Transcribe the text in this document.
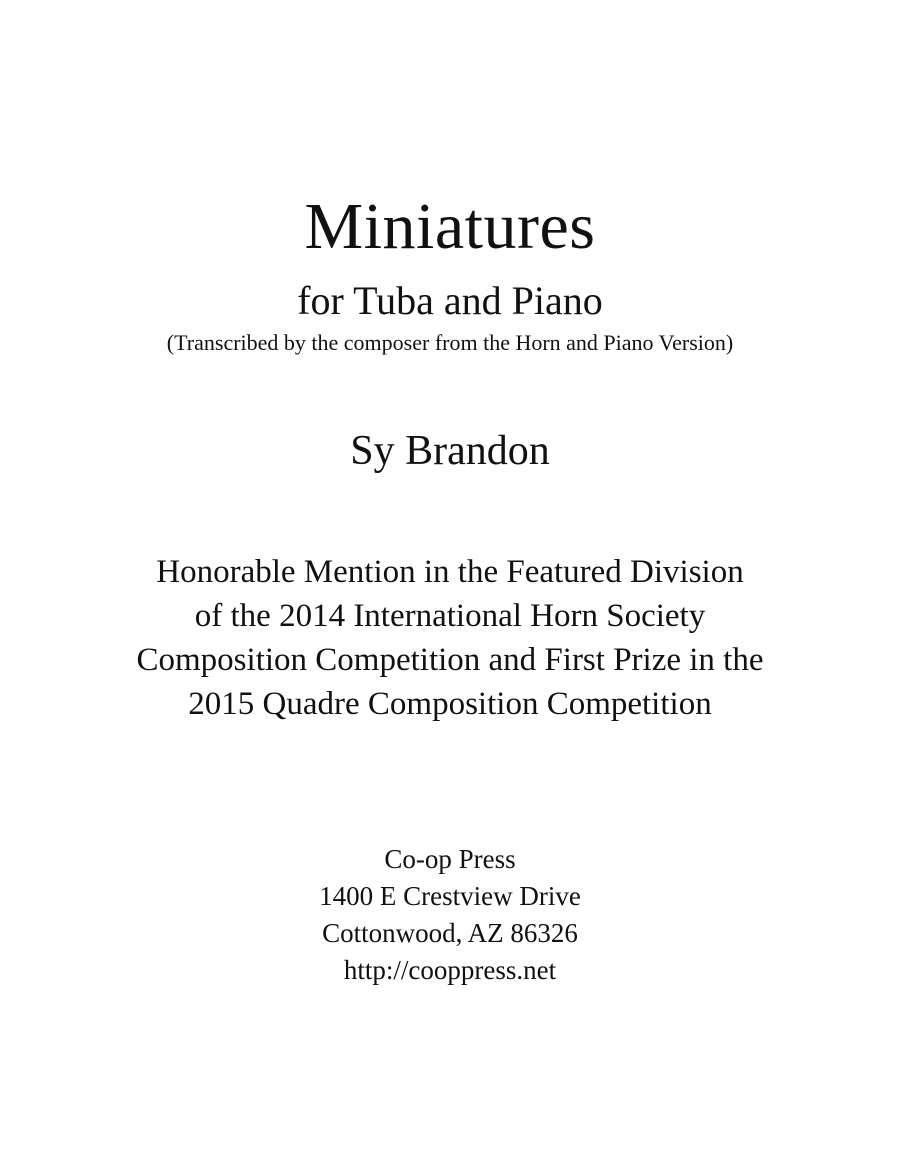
Miniatures
for Tuba and Piano
(Transcribed by the composer from the Horn and Piano Version)
Sy Brandon
Honorable Mention in the Featured Division
of the 2014 International Horn Society
Composition Competition and First Prize in the
2015 Quadre Composition Competition
Co-op Press
1400 E Crestview Drive
Cottonwood, AZ 86326
http://cooppress.net
